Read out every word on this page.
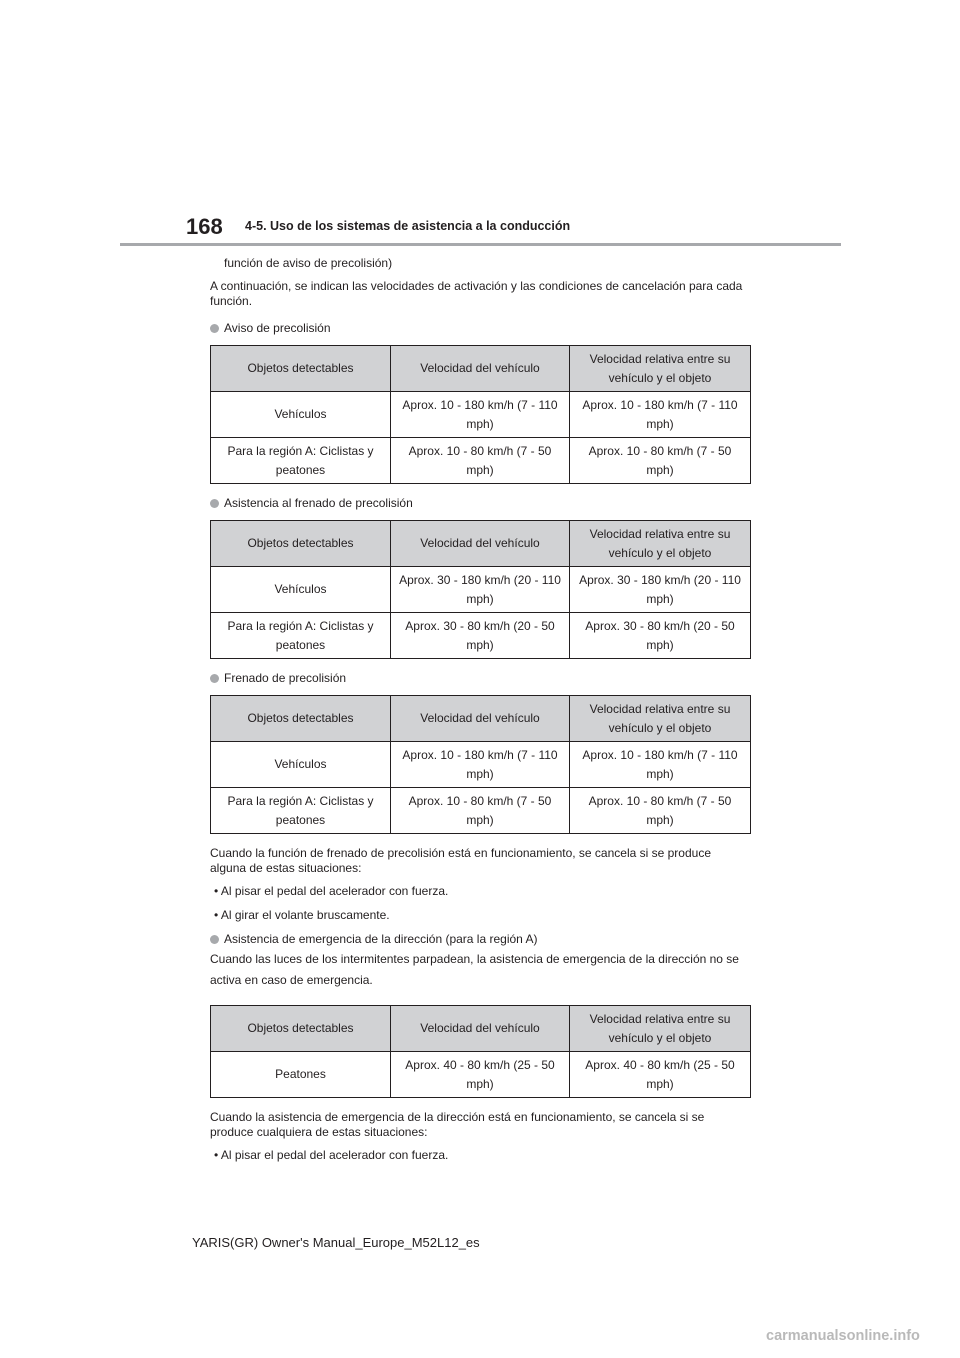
168 4-5. Uso de los sistemas de asistencia a la conducción

función de aviso de precolisión)

A continuación, se indican las velocidades de activación y las condiciones de cancelación para cada función.

Aviso de precolisión
Objetos detectables	Velocidad del vehículo	Velocidad relativa entre su vehículo y el objeto
Vehículos	Aprox. 10 - 180 km/h (7 - 110 mph)	Aprox. 10 - 180 km/h (7 - 110 mph)
Para la región A: Ciclistas y peatones	Aprox. 10 - 80 km/h (7 - 50 mph)	Aprox. 10 - 80 km/h (7 - 50 mph)
Asistencia al frenado de precolisión
Objetos detectables	Velocidad del vehículo	Velocidad relativa entre su vehículo y el objeto
Vehículos	Aprox. 30 - 180 km/h (20 - 110 mph)	Aprox. 30 - 180 km/h (20 - 110 mph)
Para la región A: Ciclistas y peatones	Aprox. 30 - 80 km/h (20 - 50 mph)	Aprox. 30 - 80 km/h (20 - 50 mph)
Frenado de precolisión
Objetos detectables	Velocidad del vehículo	Velocidad relativa entre su vehículo y el objeto
Vehículos	Aprox. 10 - 180 km/h (7 - 110 mph)	Aprox. 10 - 180 km/h (7 - 110 mph)
Para la región A: Ciclistas y peatones	Aprox. 10 - 80 km/h (7 - 50 mph)	Aprox. 10 - 80 km/h (7 - 50 mph)

Cuando la función de frenado de precolisión está en funcionamiento, se cancela si se produce alguna de estas situaciones:

• Al pisar el pedal del acelerador con fuerza.

• Al girar el volante bruscamente.

Asistencia de emergencia de la dirección (para la región A)

Cuando las luces de los intermitentes parpadean, la asistencia de emergencia de la dirección no se activa en caso de emergencia.

Objetos detectables	Velocidad del vehículo	Velocidad relativa entre su vehículo y el objeto
Peatones	Aprox. 40 - 80 km/h (25 - 50 mph)	Aprox. 40 - 80 km/h (25 - 50 mph)

Cuando la asistencia de emergencia de la dirección está en funcionamiento, se cancela si se produce cualquiera de estas situaciones:

• Al pisar el pedal del acelerador con fuerza.

YARIS(GR) Owner's Manual_Europe_M52L12_es
carmanualsonline.info
